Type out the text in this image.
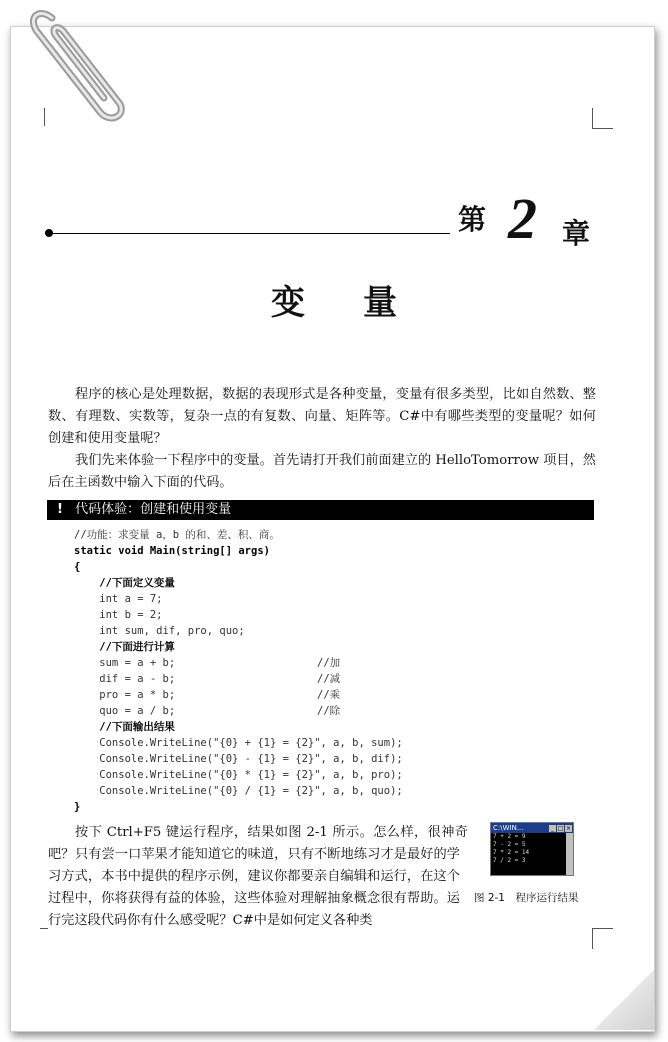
第 2 章
变量

程序的核心是处理数据，数据的表现形式是各种变量，变量有很多类型，比如自然数、整数、有理数、实数等，复杂一点的有复数、向量、矩阵等。C#中有哪些类型的变量呢？如何创建和使用变量呢？

我们先来体验一下程序中的变量。首先请打开我们前面建立的 HelloTomorrow 项目，然后在主函数中输入下面的代码。

! 代码体验：创建和使用变量
//功能：求变量 a，b 的和、差、积、商。
static void Main(string[] args)
{
//下面定义变量
int a = 7;
int b = 2;
int sum, dif, pro, quo;
//下面进行计算
sum = a + b;	//加
dif = a - b;	//减
pro = a * b;	//乘
quo = a / b;	//除
//下面输出结果
Console.WriteLine("{0} + {1} = {2}", a, b, sum);
Console.WriteLine("{0} - {1} = {2}", a, b, dif);
Console.WriteLine("{0} * {1} = {2}", a, b, pro);
Console.WriteLine("{0} / {1} = {2}", a, b, quo);
}

按下 Ctrl+F5 键运行程序，结果如图 2-1 所示。怎么样，很神奇吧？ 只有尝一口苹果才能知道它的味道，只有不断地练习才是最好的学习方式，本书中提供的程序示例，建议你都要亲自编辑和运行，在这个过程中，你将获得有益的体验，这些体验对理解抽象概念很有帮助。运行完这段代码你有什么感受呢？C#中是如何定义各种类

C:\WIN...	_ □ ×
7 + 2 = 9
7 - 2 = 5
7 * 2 = 14
7 / 2 = 3
图 2-1　程序运行结果
